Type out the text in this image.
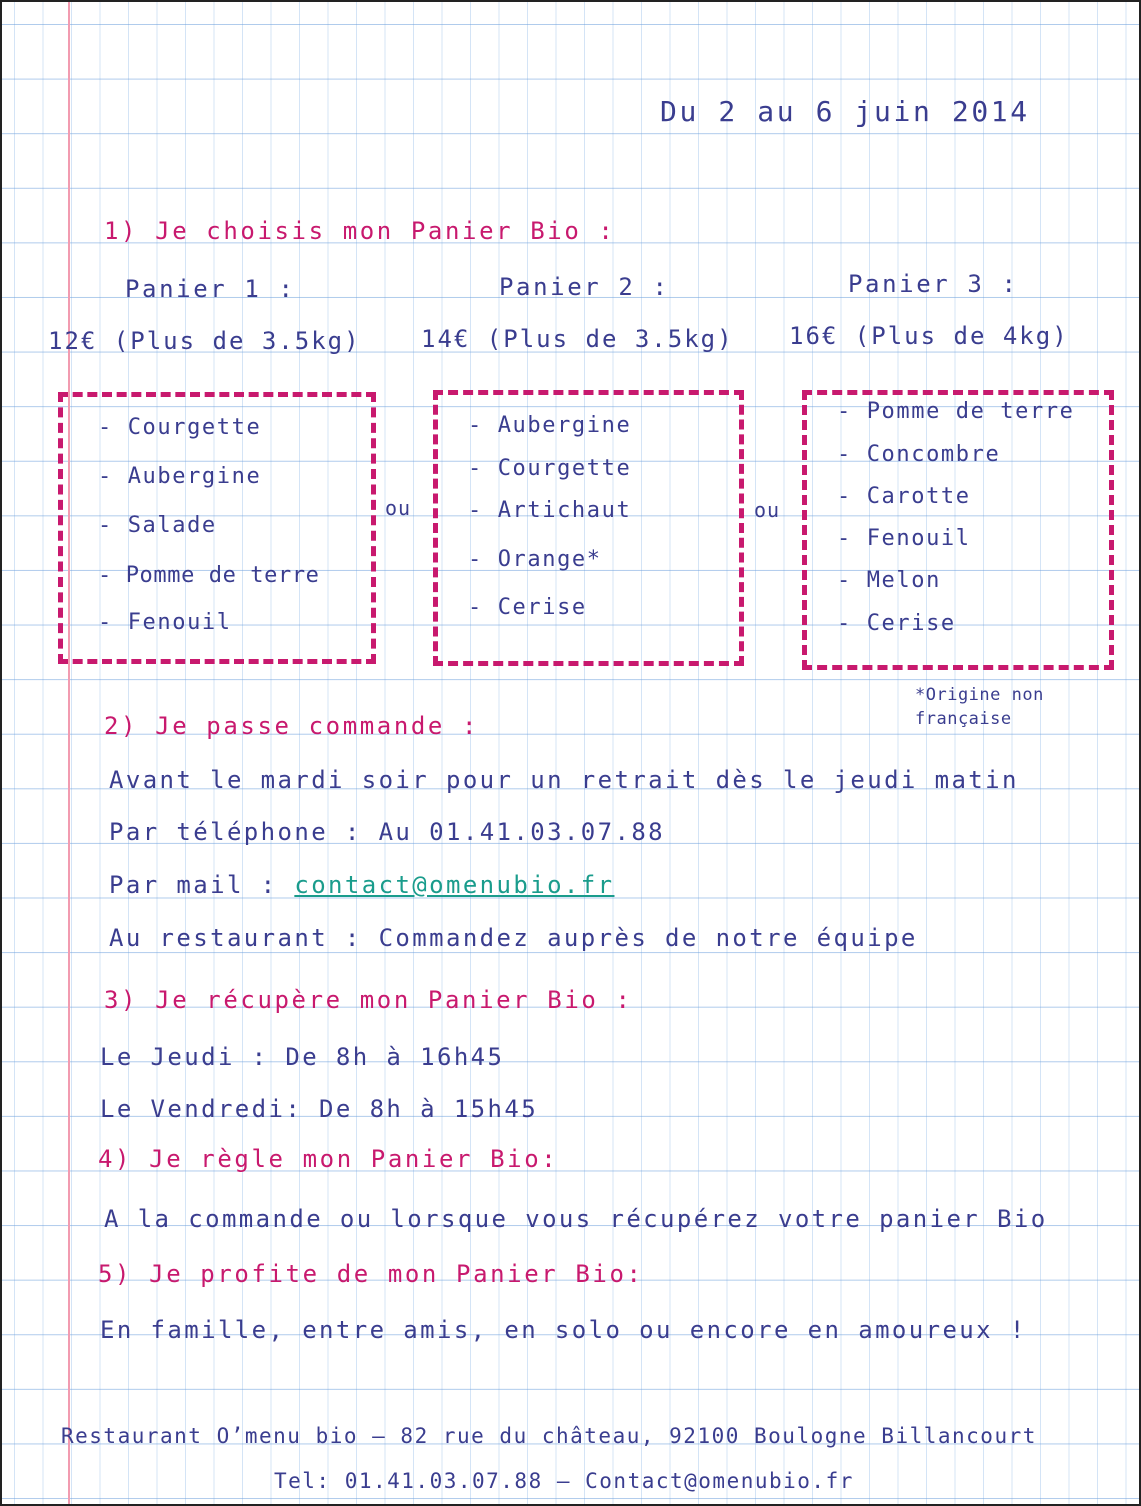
Du 2 au 6 juin 2014
1) Je choisis mon Panier Bio :
Panier 1 :	Panier 2 :	Panier 3 :
12€ (Plus de 3.5kg)	14€ (Plus de 3.5kg) 16€ (Plus de 4kg)
- Courgette
- Aubergine
- Salade
- Pomme de terre
- Fenouil
- Aubergine
- Courgette
- Artichaut
- Orange*
- Cerise
- Pomme de terre
- Concombre
- Carotte
- Fenouil
- Melon
- Cerise
ou	ou
*Origine non
française
2) Je passe commande :
Avant le mardi soir pour un retrait dès le jeudi matin
Par téléphone : Au 01.41.03.07.88
Par mail : contact@omenubio.fr
Au restaurant : Commandez auprès de notre équipe
3) Je récupère mon Panier Bio :
Le Jeudi : De 8h à 16h45
Le Vendredi: De 8h à 15h45
4) Je règle mon Panier Bio:
A la commande ou lorsque vous récupérez votre panier Bio
5) Je profite de mon Panier Bio:
En famille, entre amis, en solo ou encore en amoureux !
Restaurant O’menu bio – 82 rue du château, 92100 Boulogne Billancourt
Tel: 01.41.03.07.88 – Contact@omenubio.fr
